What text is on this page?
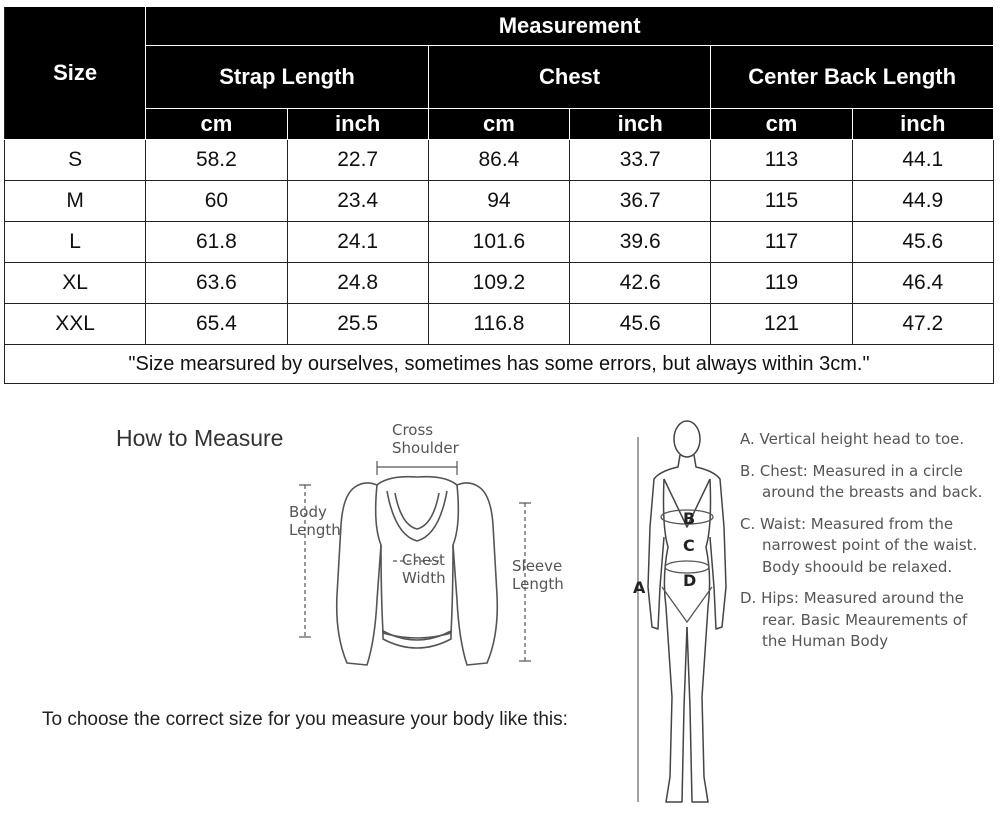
Size	Measurement					
	Strap Length		Chest		Center Back Length	
	cm	inch	cm	inch	cm	inch
S	58.2	22.7	86.4	33.7	113	44.1
M	60	23.4	94	36.7	115	44.9
L	61.8	24.1	101.6	39.6	117	45.6
XL	63.6	24.8	109.2	42.6	119	46.4
XXL	65.4	25.5	116.8	45.6	121	47.2
"Size mearsured by ourselves, sometimes has some errors, but always within 3cm."						
How to Measure
To choose the correct size for you measure your body like this:
Cross
Shoulder
Body
Length
Chest
Width
Sleeve
Length	A
B
C
D
A. Vertical height head to toe.
B. Chest: Measured in a circle around the breasts and back.
C. Waist: Measured from the narrowest point of the waist. Body shoould be relaxed.
D. Hips: Measured around the rear. Basic Meaurements of the Human Body
